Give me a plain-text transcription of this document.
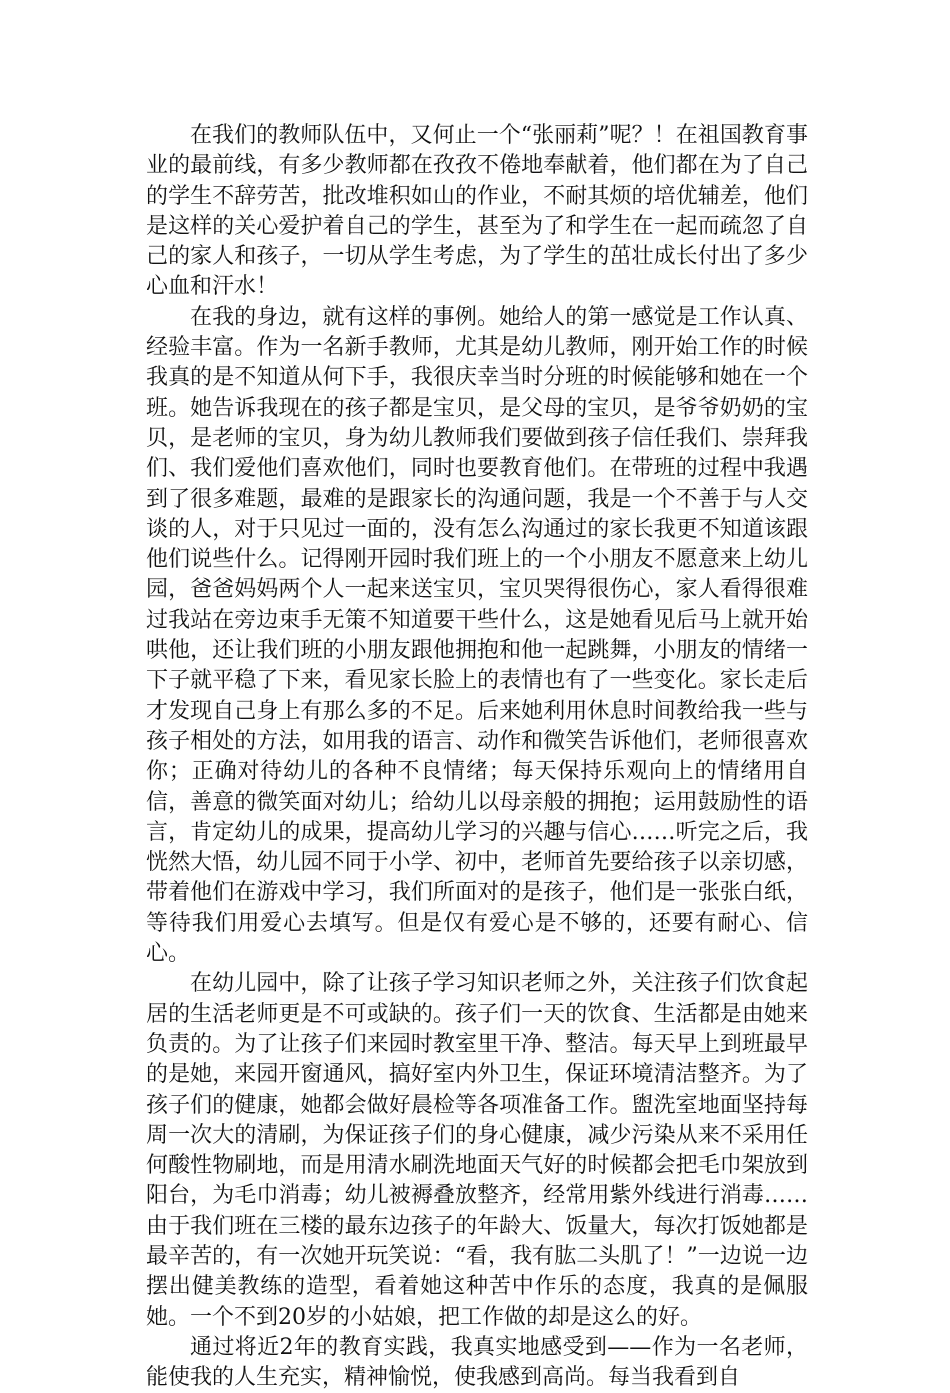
在我们的教师队伍中，又何止一个“张丽莉”呢？！在祖国教育事业的最前线，有多少教师都在孜孜不倦地奉献着，他们都在为了自己的学生不辞劳苦，批改堆积如山的作业，不耐其烦的培优辅差，他们是这样的关心爱护着自己的学生，甚至为了和学生在一起而疏忽了自己的家人和孩子，一切从学生考虑，为了学生的茁壮成长付出了多少心血和汗水！

在我的身边，就有这样的事例。她给人的第一感觉是工作认真、经验丰富。作为一名新手教师，尤其是幼儿教师，刚开始工作的时候我真的是不知道从何下手，我很庆幸当时分班的时候能够和她在一个班。她告诉我现在的孩子都是宝贝，是父母的宝贝，是爷爷奶奶的宝贝，是老师的宝贝，身为幼儿教师我们要做到孩子信任我们、崇拜我们、我们爱他们喜欢他们，同时也要教育他们。在带班的过程中我遇到了很多难题，最难的是跟家长的沟通问题，我是一个不善于与人交谈的人，对于只见过一面的，没有怎么沟通过的家长我更不知道该跟他们说些什么。记得刚开园时我们班上的一个小朋友不愿意来上幼儿园，爸爸妈妈两个人一起来送宝贝，宝贝哭得很伤心，家人看得很难过我站在旁边束手无策不知道要干些什么，这是她看见后马上就开始哄他，还让我们班的小朋友跟他拥抱和他一起跳舞，小朋友的情绪一下子就平稳了下来，看见家长脸上的表情也有了一些变化。家长走后才发现自己身上有那么多的不足。后来她利用休息时间教给我一些与孩子相处的方法，如用我的语言、动作和微笑告诉他们，老师很喜欢你；正确对待幼儿的各种不良情绪；每天保持乐观向上的情绪用自信，善意的微笑面对幼儿；给幼儿以母亲般的拥抱；运用鼓励性的语言，肯定幼儿的成果，提高幼儿学习的兴趣与信心……听完之后，我恍然大悟，幼儿园不同于小学、初中，老师首先要给孩子以亲切感，带着他们在游戏中学习，我们所面对的是孩子，他们是一张张白纸，等待我们用爱心去填写。但是仅有爱心是不够的，还要有耐心、信心。

在幼儿园中，除了让孩子学习知识老师之外，关注孩子们饮食起居的生活老师更是不可或缺的。孩子们一天的饮食、生活都是由她来负责的。为了让孩子们来园时教室里干净、整洁。每天早上到班最早的是她，来园开窗通风，搞好室内外卫生，保证环境清洁整齐。为了孩子们的健康，她都会做好晨检等各项准备工作。盥洗室地面坚持每周一次大的清刷，为保证孩子们的身心健康，减少污染从来不采用任何酸性物刷地，而是用清水刷洗地面天气好的时候都会把毛巾架放到阳台，为毛巾消毒；幼儿被褥叠放整齐，经常用紫外线进行消毒……由于我们班在三楼的最东边孩子的年龄大、饭量大，每次打饭她都是最辛苦的，有一次她开玩笑说：“看，我有肱二头肌了！”一边说一边摆出健美教练的造型，看着她这种苦中作乐的态度，我真的是佩服她。一个不到20岁的小姑娘，把工作做的却是这么的好。

通过将近2年的教育实践，我真实地感受到——作为一名老师，能使我的人生充实，精神愉悦，使我感到高尚。每当我看到自
